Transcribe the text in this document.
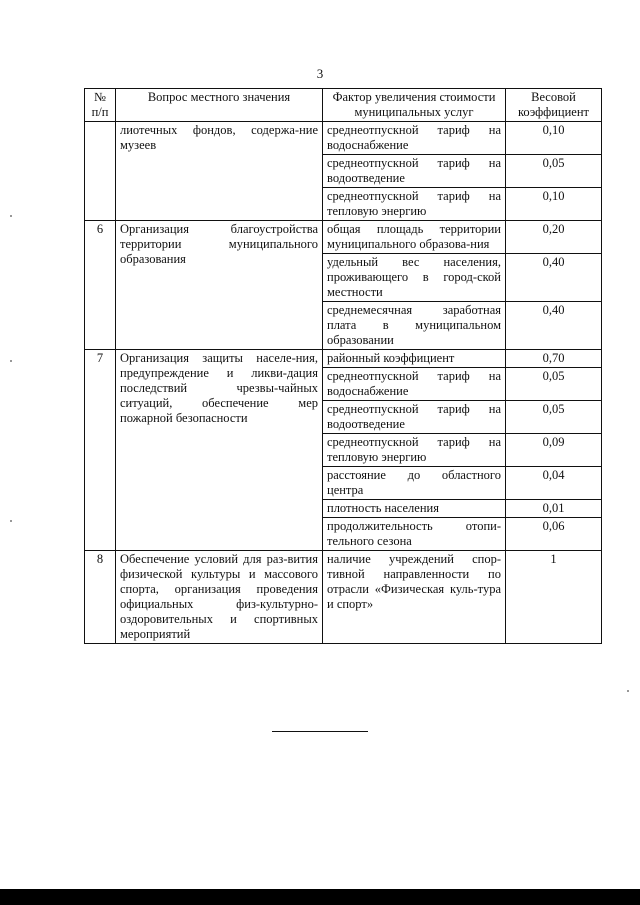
3
№ п/п	Вопрос местного значения	Фактор увеличения стоимости муниципальных услуг	Весовой коэффициент
	лиотечных фондов, содержа-ние музеев	среднеотпускной тариф на водоснабжение	0,10
		среднеотпускной тариф на водоотведение	0,05
		среднеотпускной тариф на тепловую энергию	0,10
6	Организация благоустройства территории муниципального образования	общая площадь территории муниципального образова-ния	0,20
		удельный вес населения, проживающего в город-ской местности	0,40
		среднемесячная заработная плата в муниципальном образовании	0,40
7	Организация защиты населе-ния, предупреждение и ликви-дация последствий чрезвы-чайных ситуаций, обеспечение мер пожарной безопасности	районный коэффициент	0,70
		среднеотпускной тариф на водоснабжение	0,05
		среднеотпускной тариф на водоотведение	0,05
		среднеотпускной тариф на тепловую энергию	0,09
		расстояние до областного центра	0,04
		плотность населения	0,01
		продолжительность отопи-тельного сезона	0,06
8	Обеспечение условий для раз-вития физической культуры и массового спорта, организация проведения официальных физ-культурно-оздоровительных и спортивных мероприятий	наличие учреждений спор-тивной направленности по отрасли «Физическая куль-тура и спорт»	1
